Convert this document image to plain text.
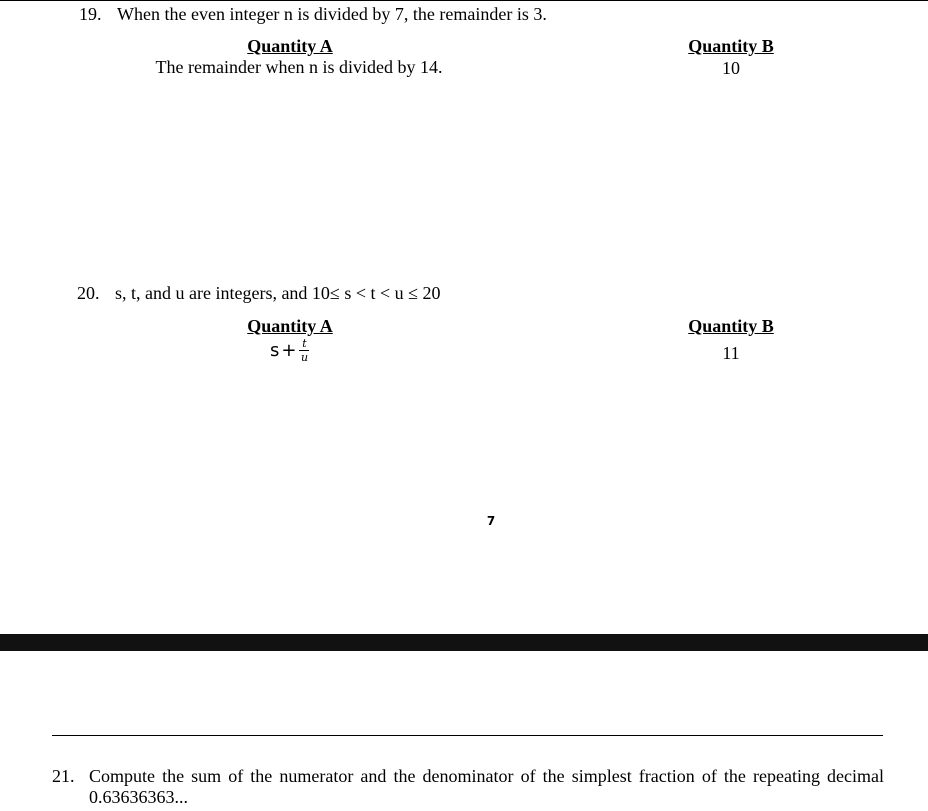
19. When the even integer n is divided by 7, the remainder is 3.
Quantity A
The remainder when n is divided by 14.
Quantity B
10
20. s, t, and u are integers, and 10≤ s < t < u ≤ 20
Quantity A
$s + \frac{t}{u}$
Quantity B
11
7
21. Compute the sum of the numerator and the denominator of the simplest fraction of the repeating decimal 0.63636363...
